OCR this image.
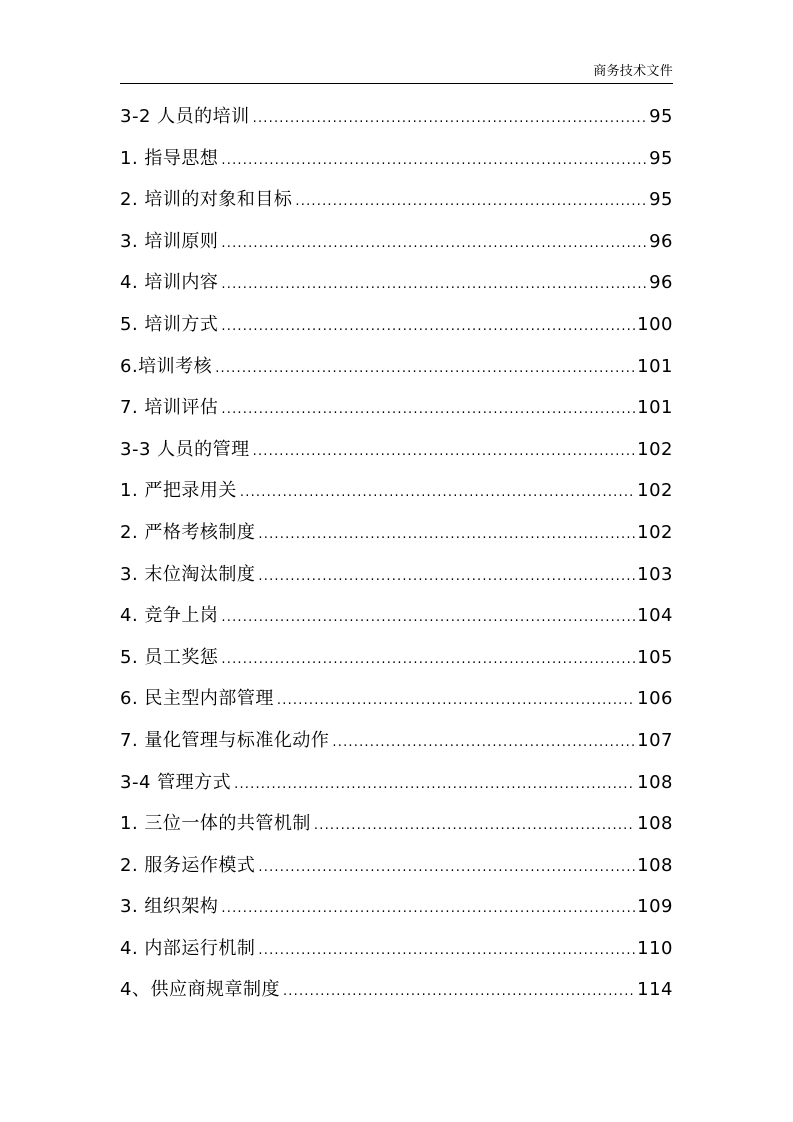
商务技术文件
3-2 人员的培训 .....	95
1. 指导思想 .....	95
2. 培训的对象和目标 .....	95
3. 培训原则 .....	96
4. 培训内容 .....	96
5. 培训方式 .....	100
6.培训考核 .....	101
7. 培训评估 .....	101
3-3 人员的管理 .....	102
1. 严把录用关 .....	102
2. 严格考核制度 .....	102
3. 末位淘汰制度 .....	103
4. 竞争上岗 .....	104
5. 员工奖惩 .....	105
6. 民主型内部管理 .....	106
7. 量化管理与标准化动作 .....	107
3-4 管理方式 .....	108
1. 三位一体的共管机制 .....	108
2. 服务运作模式 .....	108
3. 组织架构 .....	109
4. 内部运行机制 .....	110
4、供应商规章制度 .....	114
